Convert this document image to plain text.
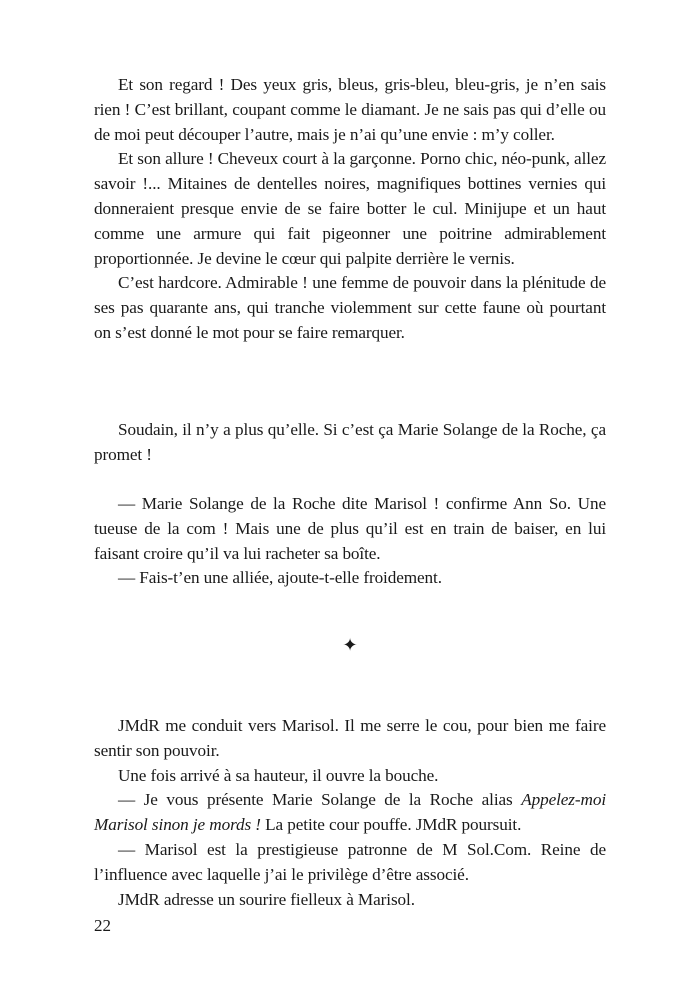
Et son regard ! Des yeux gris, bleus, gris-bleu, bleu-gris, je n’en sais rien ! C’est brillant, coupant comme le diamant. Je ne sais pas qui d’elle ou de moi peut découper l’autre, mais je n’ai qu’une envie : m’y coller.

Et son allure ! Cheveux court à la garçonne. Porno chic, néo-punk, allez savoir !... Mitaines de dentelles noires, magnifiques bottines vernies qui donneraient presque envie de se faire botter le cul. Minijupe et un haut comme une armure qui fait pigeonner une poitrine admirablement proportionnée. Je devine le cœur qui palpite derrière le vernis.

C’est hardcore. Admirable ! une femme de pouvoir dans la plénitude de ses pas quarante ans, qui tranche violemment sur cette faune où pourtant on s’est donné le mot pour se faire remarquer.

Soudain, il n’y a plus qu’elle. Si c’est ça Marie Solange de la Roche, ça promet !

— Marie Solange de la Roche dite Marisol ! confirme Ann So. Une tueuse de la com ! Mais une de plus qu’il est en train de baiser, en lui faisant croire qu’il va lui racheter sa boîte.

— Fais-t’en une alliée, ajoute-t-elle froidement.

✦

JMdR me conduit vers Marisol. Il me serre le cou, pour bien me faire sentir son pouvoir.

Une fois arrivé à sa hauteur, il ouvre la bouche.

— Je vous présente Marie Solange de la Roche alias Appelez-moi Marisol sinon je mords ! La petite cour pouffe. JMdR poursuit.

— Marisol est la prestigieuse patronne de M Sol.Com. Reine de l’influence avec laquelle j’ai le privilège d’être associé.

JMdR adresse un sourire fielleux à Marisol.

22
